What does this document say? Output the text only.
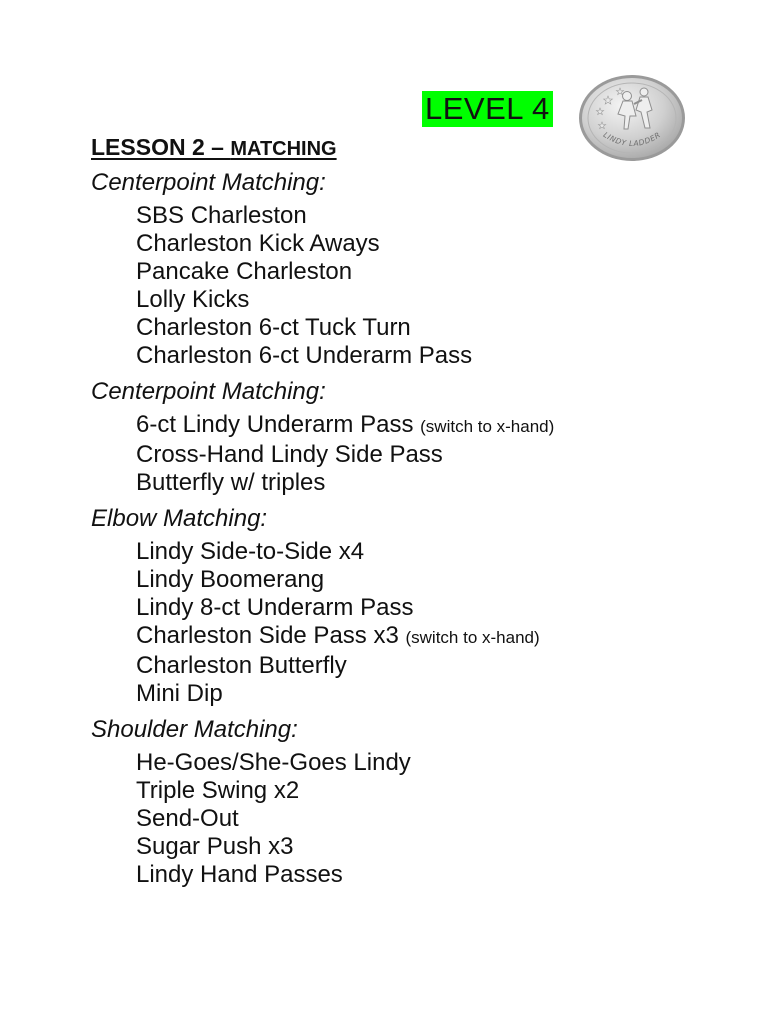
LEVEL 4
LINDY LADDER
LESSON 2 – MATCHING
Centerpoint Matching:
SBS Charleston
Charleston Kick Aways
Pancake Charleston
Lolly Kicks
Charleston 6-ct Tuck Turn
Charleston 6-ct Underarm Pass
Centerpoint Matching:
6-ct Lindy Underarm Pass (switch to x-hand)
Cross-Hand Lindy Side Pass
Butterfly w/ triples
Elbow Matching:
Lindy Side-to-Side x4
Lindy Boomerang
Lindy 8-ct Underarm Pass
Charleston Side Pass x3 (switch to x-hand)
Charleston Butterfly
Mini Dip
Shoulder Matching:
He-Goes/She-Goes Lindy
Triple Swing x2
Send-Out
Sugar Push x3
Lindy Hand Passes
